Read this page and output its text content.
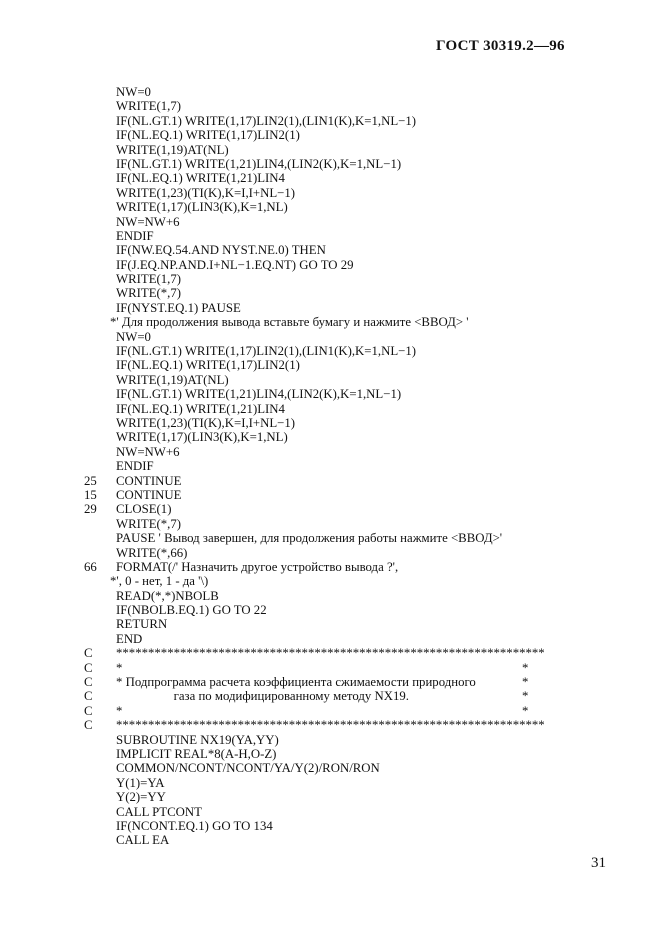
ГОСТ 30319.2—96
NW=0
WRITE(1,7)
IF(NL.GT.1) WRITE(1,17)LIN2(1),(LIN1(K),K=1,NL−1)
IF(NL.EQ.1) WRITE(1,17)LIN2(1)
WRITE(1,19)AT(NL)
IF(NL.GT.1) WRITE(1,21)LIN4,(LIN2(K),K=1,NL−1)
IF(NL.EQ.1) WRITE(1,21)LIN4
WRITE(1,23)(TI(K),K=I,I+NL−1)
WRITE(1,17)(LIN3(K),K=1,NL)
NW=NW+6
ENDIF
IF(NW.EQ.54.AND NYST.NE.0) THEN
IF(J.EQ.NP.AND.I+NL−1.EQ.NT) GO TO 29
WRITE(1,7)
WRITE(*,7)
IF(NYST.EQ.1) PAUSE
*' Для продолжения вывода вставьте бумагу и нажмите <ВВОД> '
NW=0
IF(NL.GT.1) WRITE(1,17)LIN2(1),(LIN1(K),K=1,NL−1)
IF(NL.EQ.1) WRITE(1,17)LIN2(1)
WRITE(1,19)AT(NL)
IF(NL.GT.1) WRITE(1,21)LIN4,(LIN2(K),K=1,NL−1)
IF(NL.EQ.1) WRITE(1,21)LIN4
WRITE(1,23)(TI(K),K=I,I+NL−1)
WRITE(1,17)(LIN3(K),K=1,NL)
NW=NW+6
ENDIF
25 CONTINUE
15 CONTINUE
29 CLOSE(1)
WRITE(*,7)
PAUSE ' Вывод завершен, для продолжения работы нажмите <ВВОД>'
WRITE(*,66)
66 FORMAT(/' Назначить другое устройство вывода ?',
*', 0 - нет, 1 - да '\)
READ(*,*)NBOLB
IF(NBOLB.EQ.1) GO TO 22
RETURN
END
C *******************************************************************
C *	*
C * Подпрограмма расчета коэффициента сжимаемости природного	*
C газа по модифицированному методу NX19.	*
C *	*
C *******************************************************************
SUBROUTINE NX19(YA,YY)
IMPLICIT REAL*8(A-H,O-Z)
COMMON/NCONT/NCONT/YA/Y(2)/RON/RON
Y(1)=YA
Y(2)=YY
CALL PTCONT
IF(NCONT.EQ.1) GO TO 134
CALL EA
31
